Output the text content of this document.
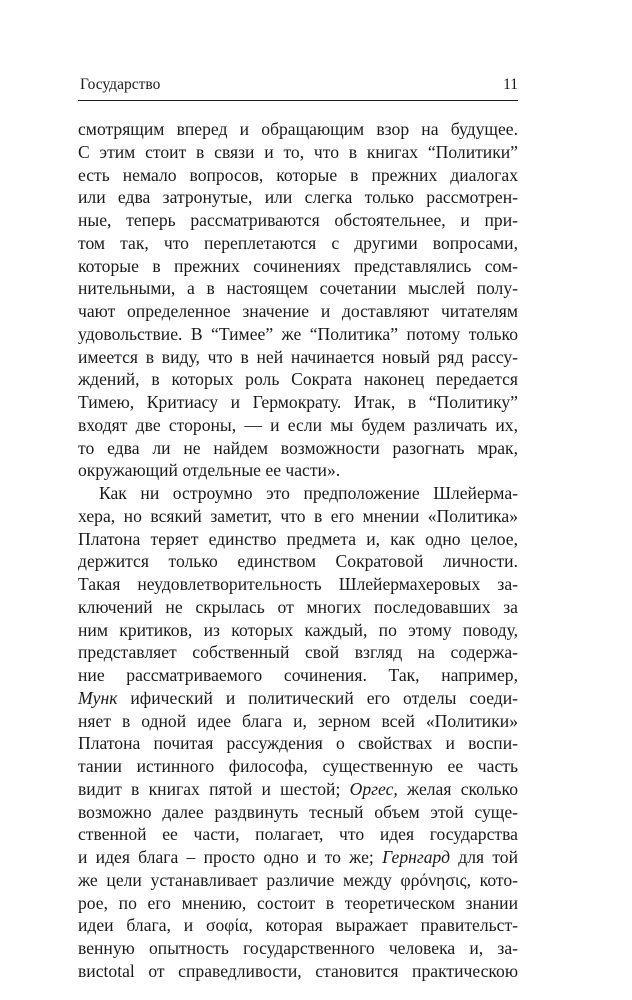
Государство	11
смотрящим вперед и обращающим взор на будущее.
С этим стоит в связи и то, что в книгах “Политики”
есть немало вопросов, которые в прежних диалогах
или едва затронутые, или слегка только рассмотрен-
ные, теперь рассматриваются обстоятельнее, и при-
том так, что переплетаются с другими вопросами,
которые в прежних сочинениях представлялись сом-
нительными, а в настоящем сочетании мыслей полу-
чают определенное значение и доставляют читателям
удовольствие. В “Тимее” же “Политика” потому только
имеется в виду, что в ней начинается новый ряд рассу-
ждений, в которых роль Сократа наконец передается
Тимею, Критиасу и Гермократу. Итак, в “Политику”
входят две стороны, — и если мы будем различать их,
то едва ли не найдем возможности разогнать мрак,
окружающий отдельные ее части».
Как ни остроумно это предположение Шлейерма-
хера, но всякий заметит, что в его мнении «Политика»
Платона теряет единство предмета и, как одно целое,
держится только единством Сократовой личности.
Такая неудовлетворительность Шлейермахеровых за-
ключений не скрылась от многих последовавших за
ним критиков, из которых каждый, по этому поводу,
представляет собственный свой взгляд на содержа-
ние рассматриваемого сочинения. Так, например,
Мунк ифический и политический его отделы соеди-
няет в одной идее блага и, зерном всей «Политики»
Платона почитая рассуждения о свойствах и воспи-
тании истинного философа, существенную ее часть
видит в книгах пятой и шестой; Оргес, желая сколько
возможно далее раздвинуть тесный объем этой суще-
ственной ее части, полагает, что идея государства
и идея блага – просто одно и то же; Гернгард для той
же цели устанавливает различие между φρόνησις, кото-
рое, по его мнению, состоит в теоретическом знании
идеи блага, и σοφία, которая выражает правительст-
венную опытность государственного человека и, за-
висtotal от справедливости, становится практическою
